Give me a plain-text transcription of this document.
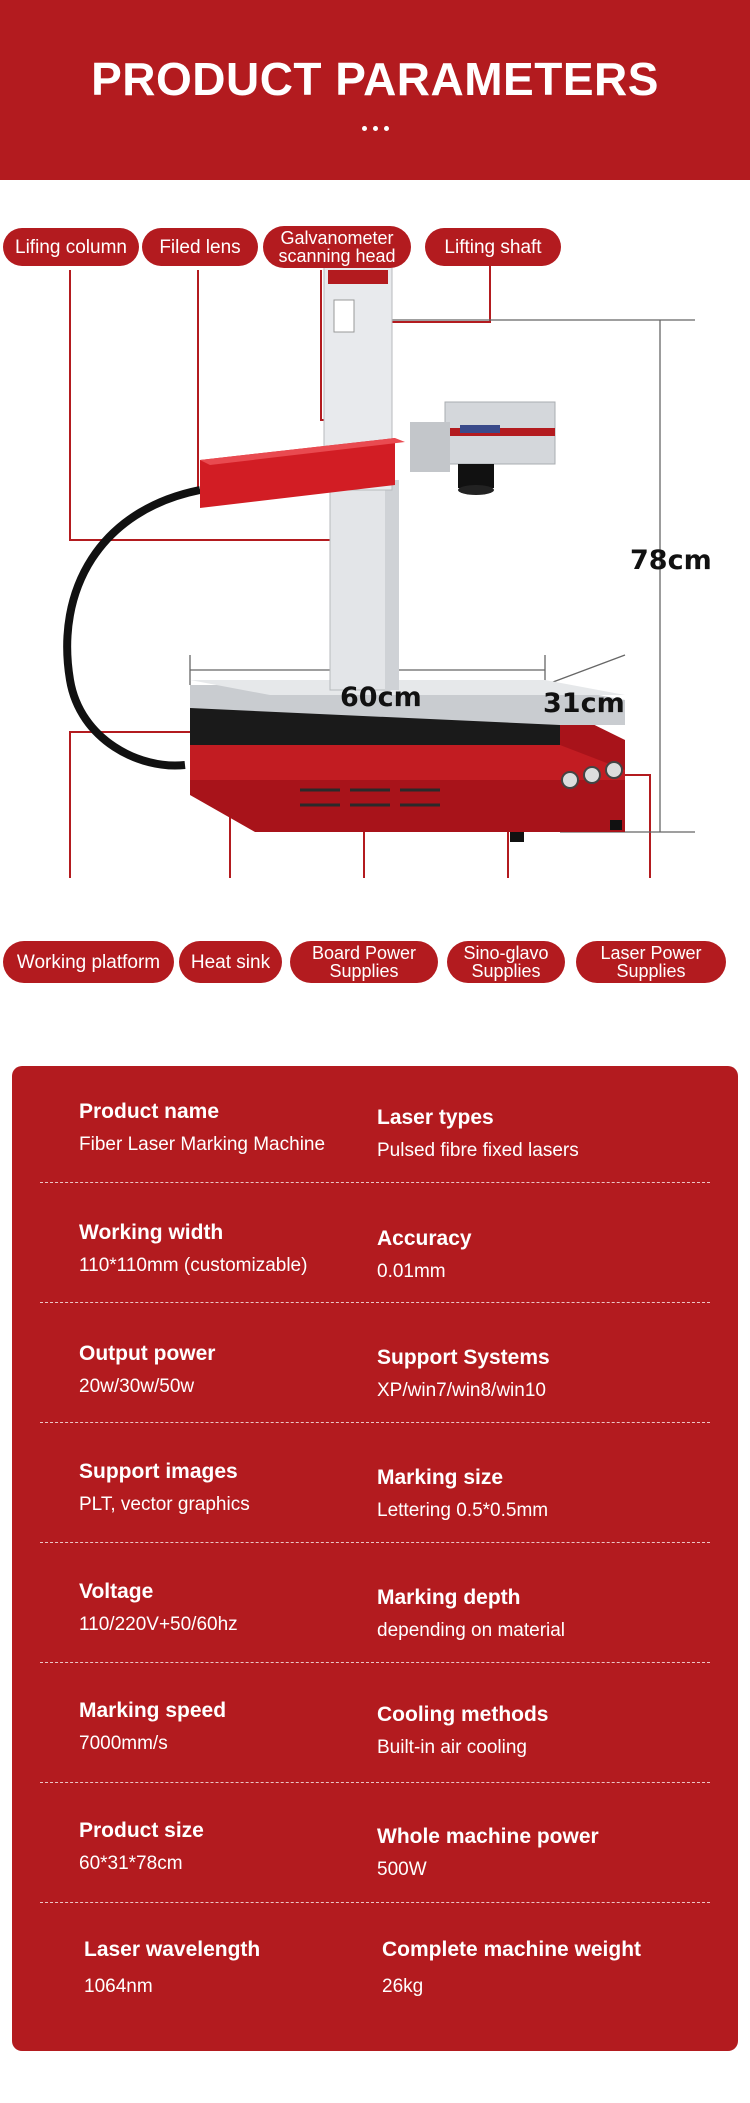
PRODUCT PARAMETERS
Lifing column	Filed lens	Galvanometer
scanning head	Lifting shaft
78cm
60cm	31cm
Working platform	Heat sink	Board Power
Supplies
Sino-glavo
Supplies
Laser Power
Supplies
Product name
Fiber Laser Marking Machine
Laser types
Pulsed fibre fixed lasers
Working width
110*110mm (customizable)
Accuracy
0.01mm
Output power
20w/30w/50w
Support Systems
XP/win7/win8/win10
Support images
PLT, vector graphics
Marking size
Lettering 0.5*0.5mm
Voltage
110/220V+50/60hz
Marking depth
depending on material
Marking speed
7000mm/s
Cooling methods
Built-in air cooling
Product size
60*31*78cm
Whole machine power
500W
Laser wavelength
1064nm
Complete machine weight
26kg
